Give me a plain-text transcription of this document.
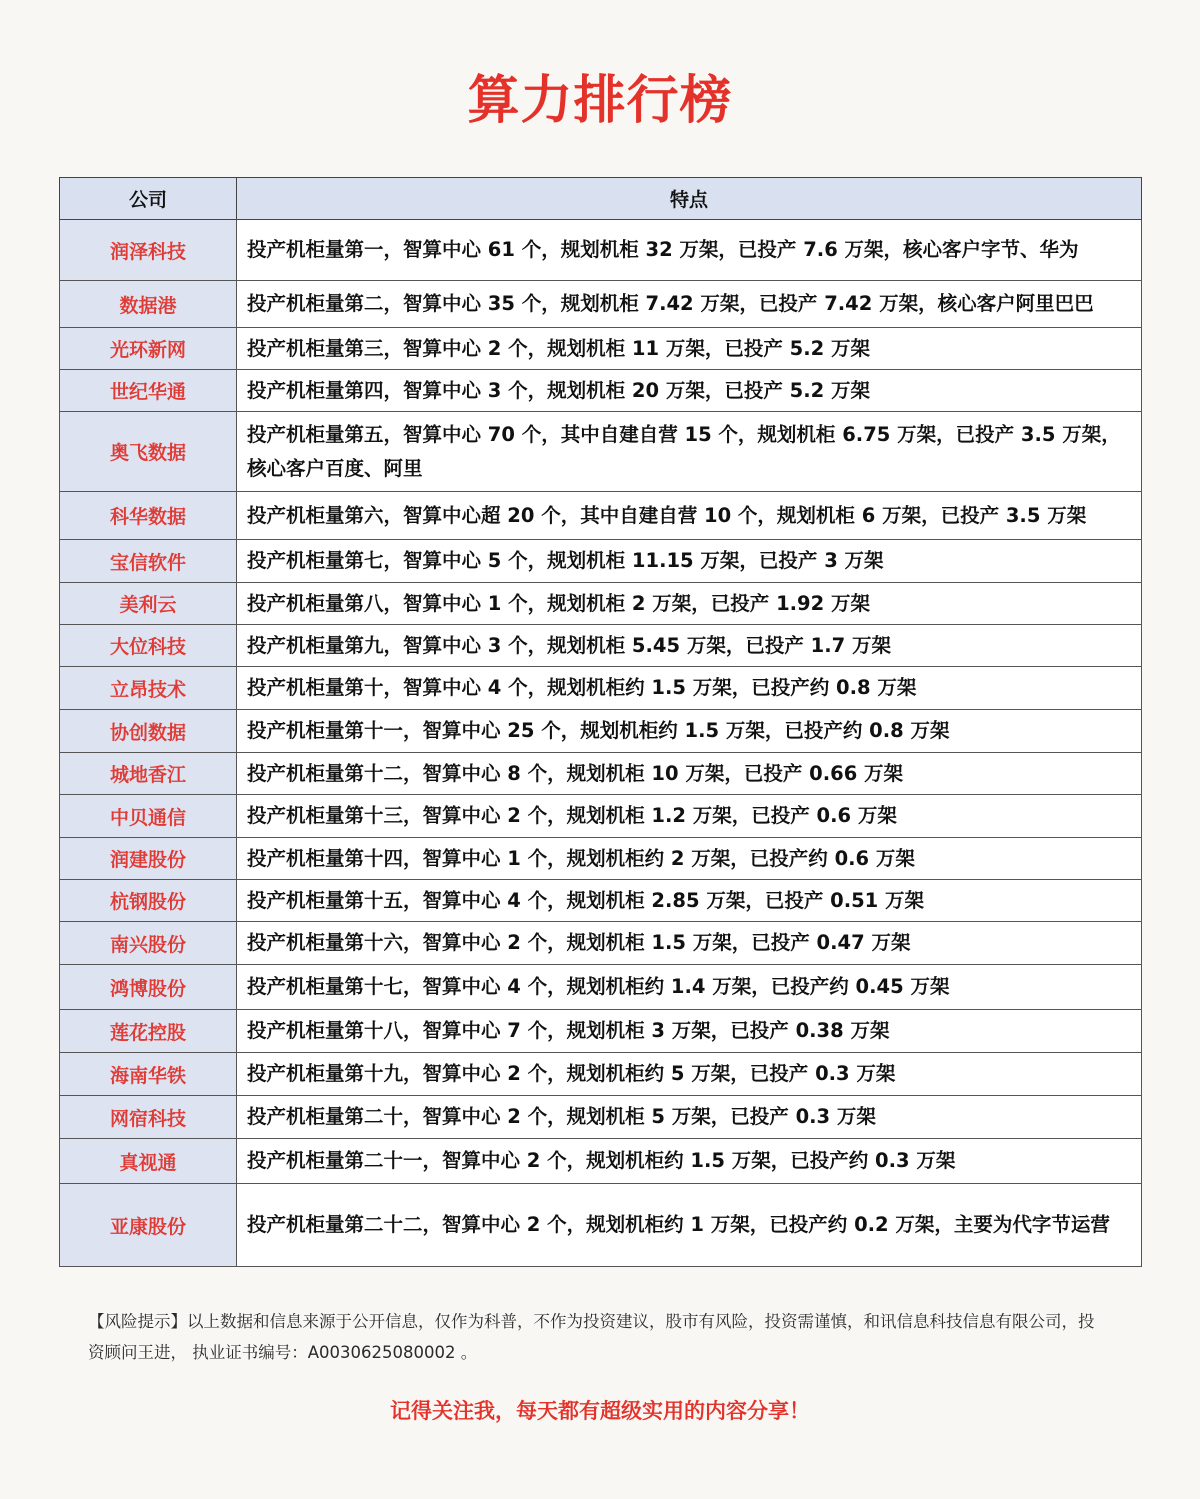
算力排行榜
公司	特点
润泽科技	投产机柜量第一，智算中心 61 个，规划机柜 32 万架，已投产 7.6 万架，核心客户字节、华为
数据港	投产机柜量第二，智算中心 35 个，规划机柜 7.42 万架，已投产 7.42 万架，核心客户阿里巴巴
光环新网	投产机柜量第三，智算中心 2 个，规划机柜 11 万架，已投产 5.2 万架
世纪华通	投产机柜量第四，智算中心 3 个，规划机柜 20 万架，已投产 5.2 万架
奥飞数据	投产机柜量第五，智算中心 70 个，其中自建自营 15 个，规划机柜 6.75 万架，已投产 3.5 万架，核心客户百度、阿里
科华数据	投产机柜量第六，智算中心超 20 个，其中自建自营 10 个，规划机柜 6 万架，已投产 3.5 万架
宝信软件	投产机柜量第七，智算中心 5 个，规划机柜 11.15 万架，已投产 3 万架
美利云	投产机柜量第八，智算中心 1 个，规划机柜 2 万架，已投产 1.92 万架
大位科技	投产机柜量第九，智算中心 3 个，规划机柜 5.45 万架，已投产 1.7 万架
立昂技术	投产机柜量第十，智算中心 4 个，规划机柜约 1.5 万架，已投产约 0.8 万架
协创数据	投产机柜量第十一，智算中心 25 个，规划机柜约 1.5 万架，已投产约 0.8 万架
城地香江	投产机柜量第十二，智算中心 8 个，规划机柜 10 万架，已投产 0.66 万架
中贝通信	投产机柜量第十三，智算中心 2 个，规划机柜 1.2 万架，已投产 0.6 万架
润建股份	投产机柜量第十四，智算中心 1 个，规划机柜约 2 万架，已投产约 0.6 万架
杭钢股份	投产机柜量第十五，智算中心 4 个，规划机柜 2.85 万架，已投产 0.51 万架
南兴股份	投产机柜量第十六，智算中心 2 个，规划机柜 1.5 万架，已投产 0.47 万架
鸿博股份	投产机柜量第十七，智算中心 4 个，规划机柜约 1.4 万架，已投产约 0.45 万架
莲花控股	投产机柜量第十八，智算中心 7 个，规划机柜 3 万架，已投产 0.38 万架
海南华铁	投产机柜量第十九，智算中心 2 个，规划机柜约 5 万架，已投产 0.3 万架
网宿科技	投产机柜量第二十，智算中心 2 个，规划机柜 5 万架，已投产 0.3 万架
真视通	投产机柜量第二十一，智算中心 2 个，规划机柜约 1.5 万架，已投产约 0.3 万架
亚康股份	投产机柜量第二十二，智算中心 2 个，规划机柜约 1 万架，已投产约 0.2 万架，主要为代字节运营
【风险提示】以上数据和信息来源于公开信息，仅作为科普，不作为投资建议，股市有风险，投资需谨慎，和讯信息科技信息有限公司，投资顾问王进， 执业证书编号：A0030625080002 。
记得关注我，每天都有超级实用的内容分享！
